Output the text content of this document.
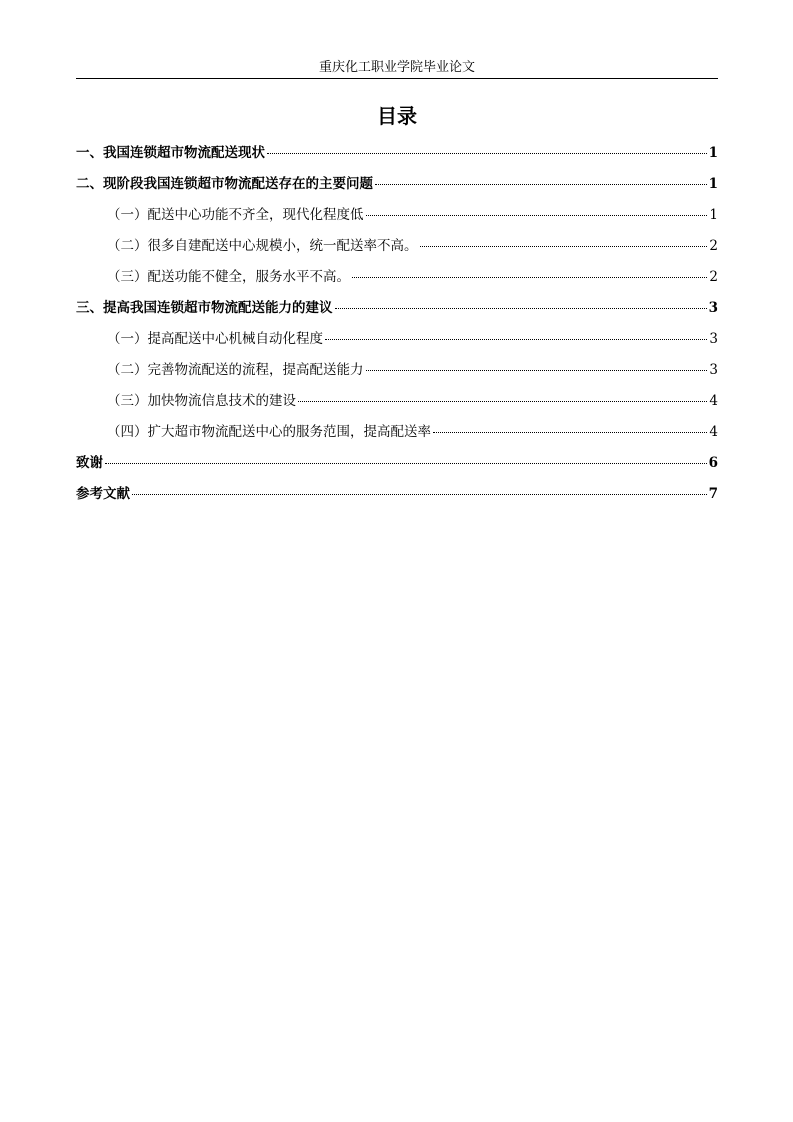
重庆化工职业学院毕业论文
目录
一、我国连锁超市物流配送现状	1
二、现阶段我国连锁超市物流配送存在的主要问题	1
（一）配送中心功能不齐全，现代化程度低	1
（二）很多自建配送中心规模小，统一配送率不高。	2
（三）配送功能不健全，服务水平不高。	2
三、提高我国连锁超市物流配送能力的建议	3
（一）提高配送中心机械自动化程度	3
（二）完善物流配送的流程，提高配送能力	3
（三）加快物流信息技术的建设	4
（四）扩大超市物流配送中心的服务范围，提高配送率	4
致谢	6
参考文献	7
